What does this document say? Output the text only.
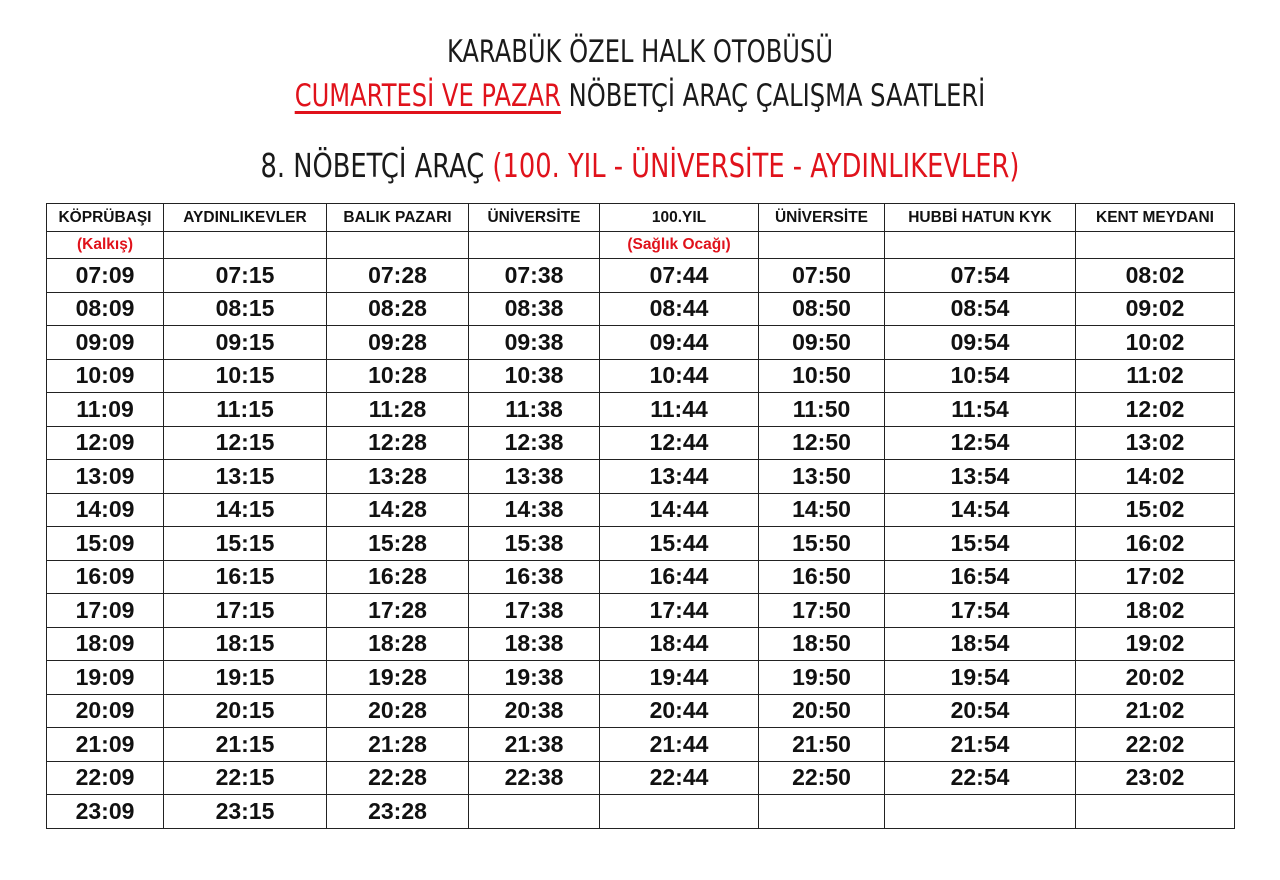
KARABÜK ÖZEL HALK OTOBÜSÜ
CUMARTESİ VE PAZAR NÖBETÇİ ARAÇ ÇALIŞMA SAATLERİ
8. NÖBETÇİ ARAÇ (100. YIL - ÜNİVERSİTE - AYDINLIKEVLER)
KÖPRÜBAŞI	AYDINLIKEVLER	BALIK PAZARI	ÜNİVERSİTE	100.YIL	ÜNİVERSİTE	HUBBİ HATUN KYK	KENT MEYDANI
(Kalkış)				(Sağlık Ocağı)			
07:09	07:15	07:28	07:38	07:44	07:50	07:54	08:02
08:09	08:15	08:28	08:38	08:44	08:50	08:54	09:02
09:09	09:15	09:28	09:38	09:44	09:50	09:54	10:02
10:09	10:15	10:28	10:38	10:44	10:50	10:54	11:02
11:09	11:15	11:28	11:38	11:44	11:50	11:54	12:02
12:09	12:15	12:28	12:38	12:44	12:50	12:54	13:02
13:09	13:15	13:28	13:38	13:44	13:50	13:54	14:02
14:09	14:15	14:28	14:38	14:44	14:50	14:54	15:02
15:09	15:15	15:28	15:38	15:44	15:50	15:54	16:02
16:09	16:15	16:28	16:38	16:44	16:50	16:54	17:02
17:09	17:15	17:28	17:38	17:44	17:50	17:54	18:02
18:09	18:15	18:28	18:38	18:44	18:50	18:54	19:02
19:09	19:15	19:28	19:38	19:44	19:50	19:54	20:02
20:09	20:15	20:28	20:38	20:44	20:50	20:54	21:02
21:09	21:15	21:28	21:38	21:44	21:50	21:54	22:02
22:09	22:15	22:28	22:38	22:44	22:50	22:54	23:02
23:09	23:15	23:28					
